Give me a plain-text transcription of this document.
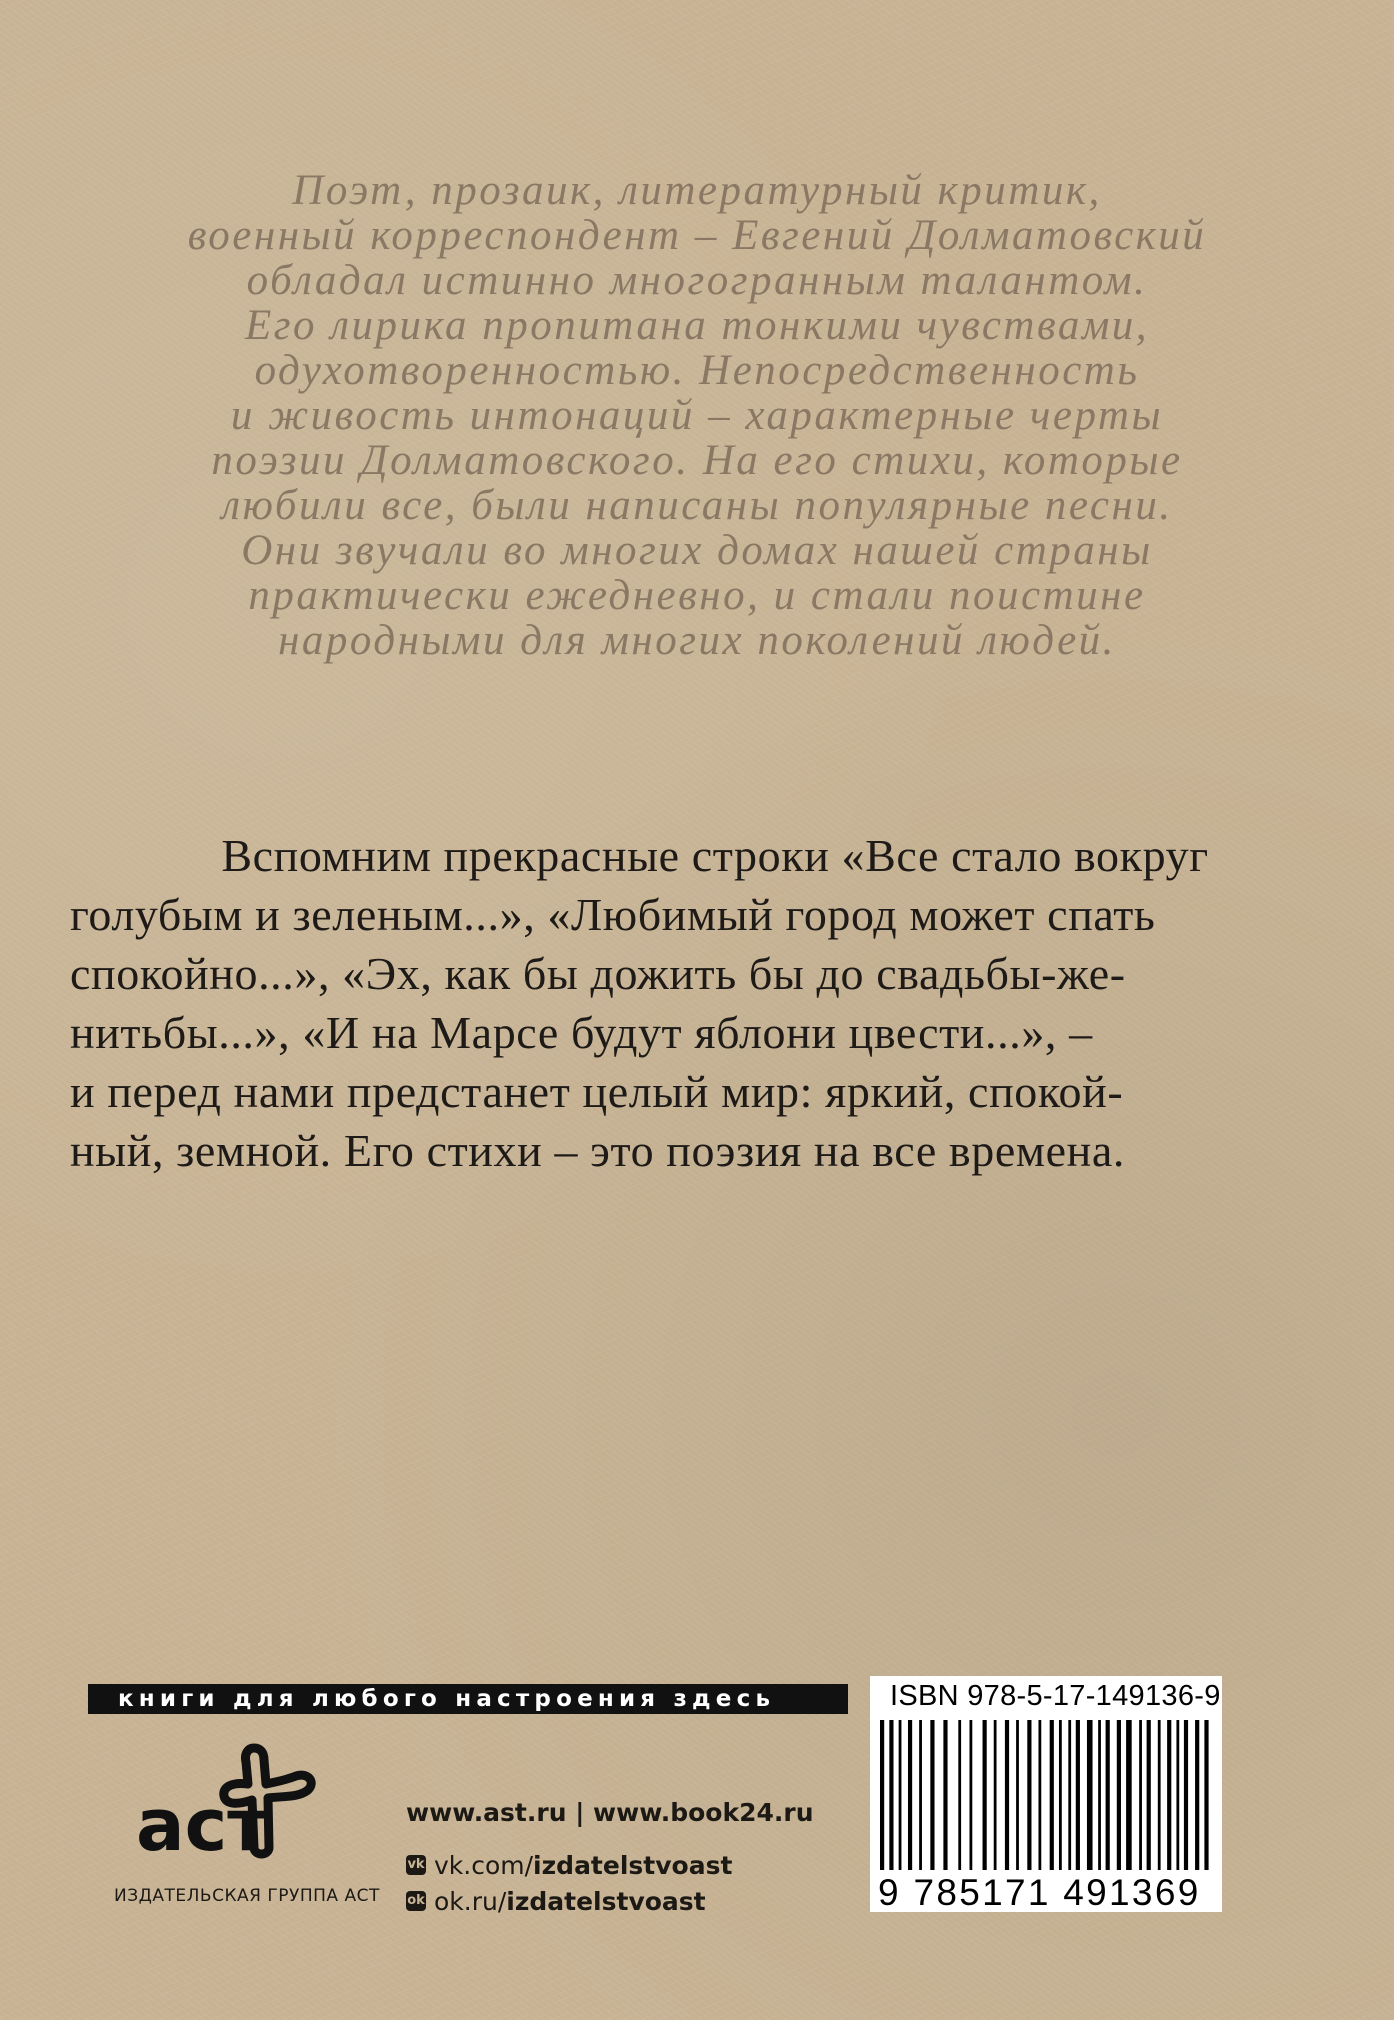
Поэт, прозаик, литературный критик,
военный корреспондент – Евгений Долматовский
обладал истинно многогранным талантом.
Его лирика пропитана тонкими чувствами,
одухотворенностью. Непосредственность
и живость интонаций – характерные черты
поэзии Долматовского. На его стихи, которые
любили все, были написаны популярные песни.
Они звучали во многих домах нашей страны
практически ежедневно, и стали поистине
народными для многих поколений людей.
Вспомним прекрасные строки «Все стало вокруг
голубым и зеленым...», «Любимый город может спать
спокойно...», «Эх, как бы дожить бы до свадьбы-же-
нитьбы...», «И на Марсе будут яблони цвести...», –
и перед нами предстанет целый мир: яркий, спокой-
ный, земной. Его стихи – это поэзия на все времена.
книги для любого настроения здесь
аст
ИЗДАТЕЛЬСКАЯ ГРУППА АСТ
www.ast.ru | www.book24.ru
vk vk.com/ izdatelstvoast
ok ok.ru/ izdatelstvoast
ISBN 978-5-17-149136-9
9 785171 491369
